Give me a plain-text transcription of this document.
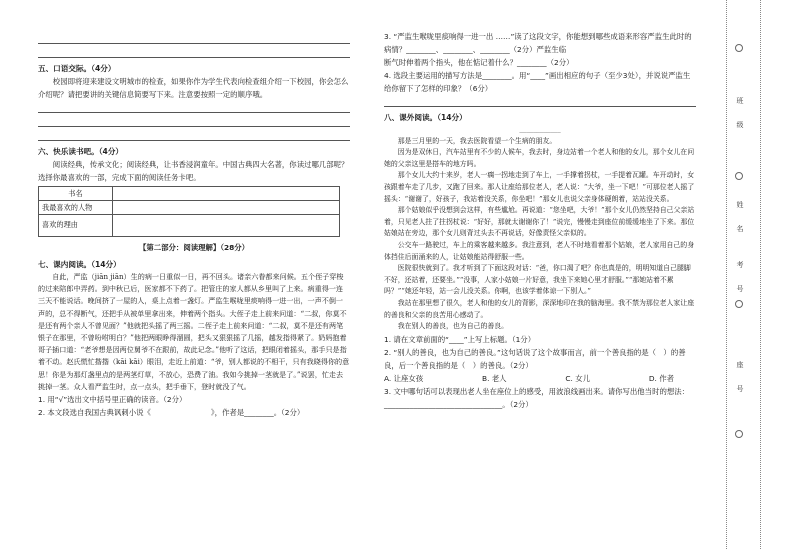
五、口语交际。（4分）
校园即将迎来建设文明城市的检查，如果你作为学生代表向检查组介绍一下校园，你会怎么介绍呢？请把要讲的关键信息简要写下来。注意要按照一定的顺序哦。
六、快乐读书吧。（4分）
阅读经典，传承文化；阅读经典，让书香浸润童年。中国古典四大名著，你读过哪几部呢？选择你最喜欢的一部，完成下面的阅读任务卡吧。
书名	
我最喜欢的人物	
喜欢的理由	
【第二部分：阅读理解】（28分）
七、课内阅读。（14分）
自此，严监（jiān jiān）生的病一日重似一日，再不回头。诸亲六眷都来问候。五个侄子穿梭的过来陪郎中弄药。到中秋已后，医家都不下药了。把管庄的家人都从乡里叫了上来。病重得一连三天不能说话。晚间挤了一屋的人，桌上点着一盏灯。严监生喉咙里痰响得一进一出，一声不倒一声的，总不得断气，还把手从被单里拿出来，伸着两个指头。大侄子走上前来问道：“二叔，你莫不是还有两个亲人不曾见面？”他就把头摇了两三摇。二侄子走上前来问道：“二叔，莫不是还有两笔银子在那里，不曾吩咐明白？”他把两眼睁得溜圆，把头又狠狠摇了几摇，越发指得紧了。奶妈抱着哥子插口道：“老爷想是因两位舅爷不在跟前，故此记念。”他听了这话，把眼闭着摇头，那手只是指着不动。赵氏慌忙揩揩（kāi kāi）眼泪，走近上前道：“爷，别人都说的不相干，只有我晓得你的意思！你是为那灯盏里点的是两茎灯草，不放心，恐费了油。我如今挑掉一茎就是了。”说罢，忙走去挑掉一茎。众人看严监生时，点一点头，把手垂下，登时就没了气。
1. 用“√”选出文中括号里正确的读音。（2分）
2. 本文段选自我国古典讽刺小说《	》，作者是________。（2分）
3. “严监生喉咙里痰响得一进一出 ……”读了这段文字，你能想到哪些成语来形容严监生此时的病情？________、________、________（2分）严监生临
断气时伸着两个指头，他在惦记着什么？________（2分）
4. 选段主要运用的描写方法是________。用“____”画出相应的句子（至少3处），并说说严监生给你留下了怎样的印象？（6分）
八、课外阅读。（14分）
____________
那是三月里的一天，我去医院看望一个生病的朋友。
因为是双休日，汽车站里有不少的人候车，我去时，身边站着一个老人和他的女儿，那个女儿在问她的父亲这里是搭车的地方吗。
那个女儿大约十来岁，老人一瘸一拐地走到了车上，一手撑着拐杖，一手提着瓦罐。车开动时，女孩跟着车走了几步，又跑了回来。那人让座给那位老人，老人说：“大爷，坐一下吧！”可那位老人摇了摇头：“谢谢了，好孩子，我站着没关系，你坐吧！”那女儿也说父亲身体硬朗着，站站没关系。
那个姑娘似乎没想到会这样，有些尴尬。再说道：“您坐吧，大爷！”那个女儿仍然坚持自己父亲站着，只见老人拄了拄拐杖说：“好好，那就太谢谢你了！”说完，慢慢走到座位前缓缓地坐了下来。那位姑娘站在旁边，那个女儿则背过头去不再说话，好像责怪父亲似的。
公交车一路驶过，车上的乘客越来越多。我注意到，老人不时地看着那个姑娘，老人家用自己的身体挡住后面涌来的人，让姑娘能站得舒服一些。
医院很快就到了。我才听到了下面这段对话：“爸，你口渴了吧？你也真是的，明明知道自己腿脚不好，还站着，还要坐。”“没事，人家小姑娘一片好意，我坐下来她心里才舒服。”“那她站着不累吗？”“她还年轻，站一会儿没关系。你啊，也该学着体谅一下别人。”
我站在那里想了很久，老人和他的女儿的背影，深深地印在我的脑海里。我不禁为那位老人家让座的善良和父亲的良苦用心感动了。
我在别人的善良，也为自己的善良。
1. 请在文章前面的“____”上写上标题。（1分）
2. “别人的善良，也为自己的善良。”这句话说了这个故事而言，前一个善良指的是（　）的善良，后一个善良指的是（　）的善良。（2分）
A. 让座女孩	B. 老人	C. 女儿	D. 作者
3. 文中哪句话可以表现出老人坐在座位上的感受，用波浪线画出来。请你写出他当时的想法：________________________________。（2分）
班
级
姓
名
考
号
座
号
